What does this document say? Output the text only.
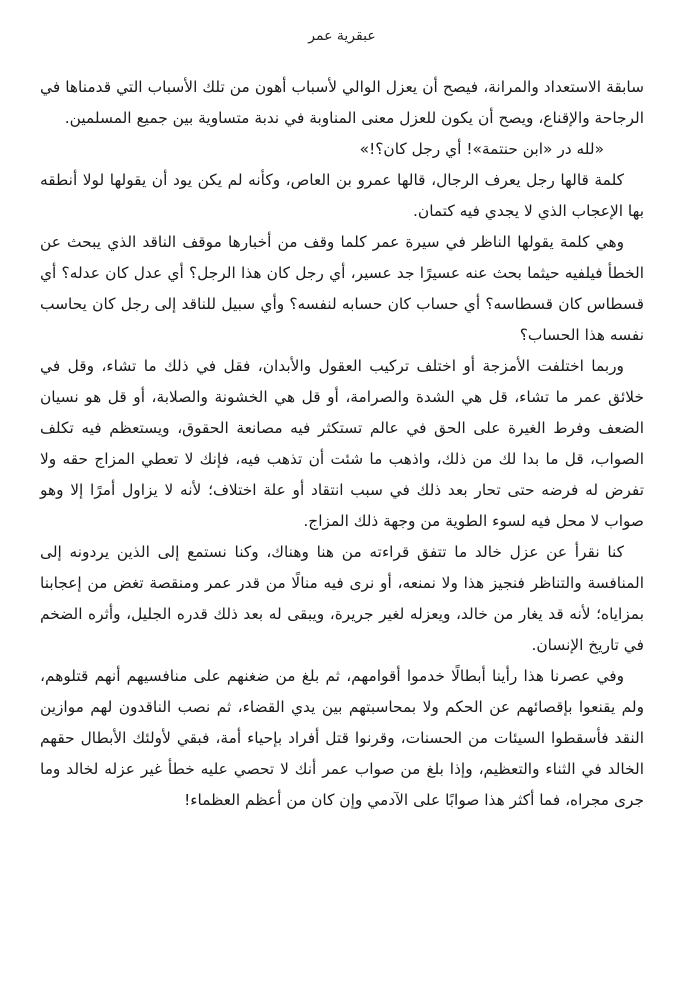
عبقرية عمر

سابقة الاستعداد والمرانة، فيصح أن يعزل الوالي لأسباب أهون من تلك الأسباب التي قدمناها في الرجاحة والإقناع، ويصح أن يكون للعزل معنى المناوبة في ندبة متساوية بين جميع المسلمين.

«لله در «ابن حنتمة»! أي رجل كان؟!»

كلمة قالها رجل يعرف الرجال، قالها عمرو بن العاص، وكأنه لم يكن يود أن يقولها لولا أنطقه بها الإعجاب الذي لا يجدي فيه كتمان.

وهي كلمة يقولها الناظر في سيرة عمر كلما وقف من أخبارها موقف الناقد الذي يبحث عن الخطأ فيلفيه حيثما بحث عنه عسيرًا جد عسير، أي رجل كان هذا الرجل؟ أي عدل كان عدله؟ أي قسطاس كان قسطاسه؟ أي حساب كان حسابه لنفسه؟ وأي سبيل للناقد إلى رجل كان يحاسب نفسه هذا الحساب؟

وربما اختلفت الأمزجة أو اختلف تركيب العقول والأبدان، فقل في ذلك ما تشاء، وقل في خلائق عمر ما تشاء، قل هي الشدة والصرامة، أو قل هي الخشونة والصلابة، أو قل هو نسيان الضعف وفرط الغيرة على الحق في عالم تستكثر فيه مصانعة الحقوق، ويستعظم فيه تكلف الصواب، قل ما بدا لك من ذلك، واذهب ما شئت أن تذهب فيه، فإنك لا تعطي المزاج حقه ولا تفرض له فرضه حتى تحار بعد ذلك في سبب انتقاد أو علة اختلاف؛ لأنه لا يزاول أمرًا إلا وهو صواب لا محل فيه لسوء الطوية من وجهة ذلك المزاج.

كنا نقرأ عن عزل خالد ما تتفق قراءته من هنا وهناك، وكنا نستمع إلى الذين يردونه إلى المنافسة والتناظر فنجيز هذا ولا نمنعه، أو نرى فيه منالًا من قدر عمر ومنقصة تغض من إعجابنا بمزاياه؛ لأنه قد يغار من خالد، ويعزله لغير جريرة، ويبقى له بعد ذلك قدره الجليل، وأثره الضخم في تاريخ الإنسان.

وفي عصرنا هذا رأينا أبطالًا خدموا أقوامهم، ثم بلغ من ضغنهم على منافسيهم أنهم قتلوهم، ولم يقنعوا بإقصائهم عن الحكم ولا بمحاسبتهم بين يدي القضاء، ثم نصب الناقدون لهم موازين النقد فأسقطوا السيئات من الحسنات، وقرنوا قتل أفراد بإحياء أمة، فبقي لأولئك الأبطال حقهم الخالد في الثناء والتعظيم، وإذا بلغ من صواب عمر أنك لا تحصي عليه خطأ غير عزله لخالد وما جرى مجراه، فما أكثر هذا صوابًا على الآدمي وإن كان من أعظم العظماء!
